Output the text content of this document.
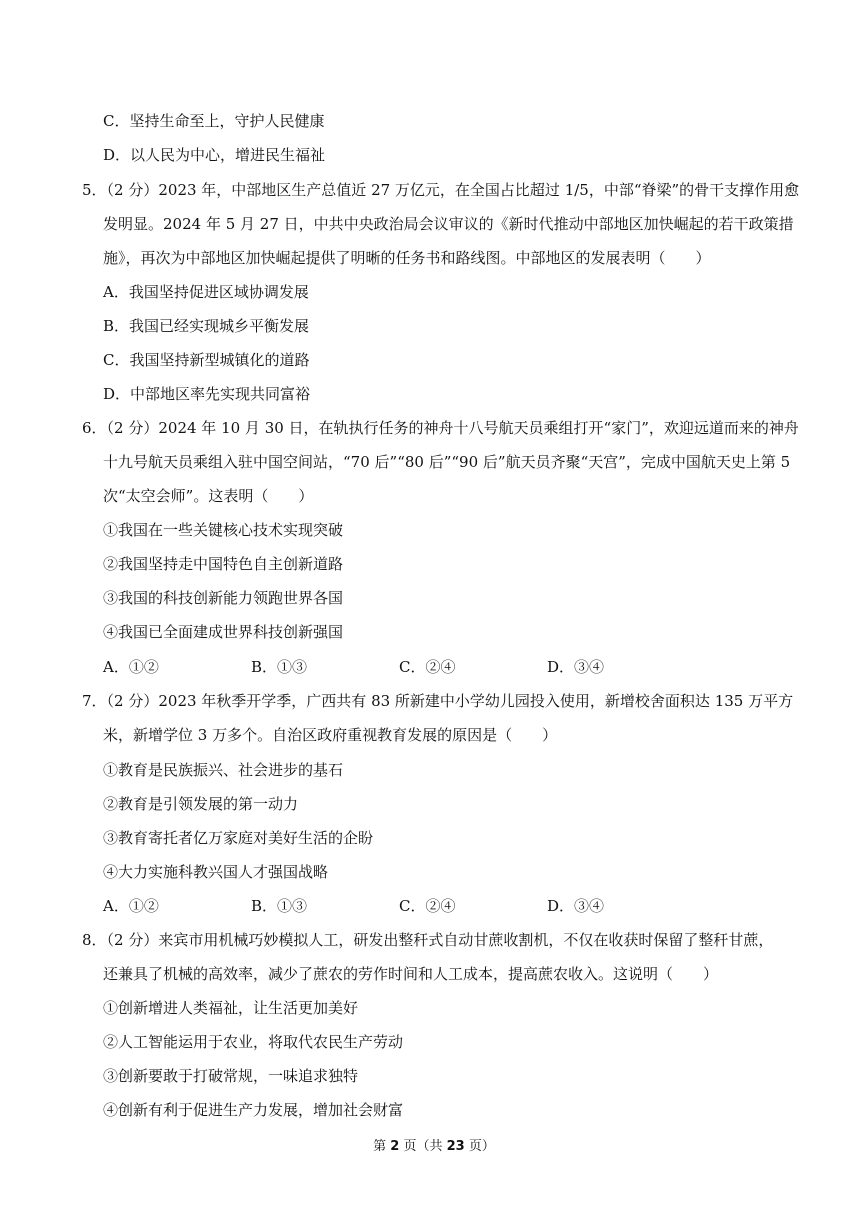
C．坚持生命至上，守护人民健康
D．以人民为中心，增进民生福祉
5．（2 分）2023 年，中部地区生产总值近 27 万亿元，在全国占比超过 1/5，中部“脊梁”的骨干支撑作用愈
发明显。2024 年 5 月 27 日，中共中央政治局会议审议的《新时代推动中部地区加快崛起的若干政策措
施》，再次为中部地区加快崛起提供了明晰的任务书和路线图。中部地区的发展表明（　　）
A．我国坚持促进区域协调发展
B．我国已经实现城乡平衡发展
C．我国坚持新型城镇化的道路
D．中部地区率先实现共同富裕
6．（2 分）2024 年 10 月 30 日，在轨执行任务的神舟十八号航天员乘组打开“家门”，欢迎远道而来的神舟
十九号航天员乘组入驻中国空间站，“70 后”“80 后”“90 后”航天员齐聚“天宫”，完成中国航天史上第 5
次“太空会师”。这表明（　　）
①我国在一些关键核心技术实现突破
②我国坚持走中国特色自主创新道路
③我国的科技创新能力领跑世界各国
④我国已全面建成世界科技创新强国
A．①②	B．①③	C．②④	D．③④
7．（2 分）2023 年秋季开学季，广西共有 83 所新建中小学幼儿园投入使用，新增校舍面积达 135 万平方
米，新增学位 3 万多个。自治区政府重视教育发展的原因是（　　）
①教育是民族振兴、社会进步的基石
②教育是引领发展的第一动力
③教育寄托者亿万家庭对美好生活的企盼
④大力实施科教兴国人才强国战略
A．①②	B．①③	C．②④	D．③④
8．（2 分）来宾市用机械巧妙模拟人工，研发出整秆式自动甘蔗收割机，不仅在收获时保留了整秆甘蔗，
还兼具了机械的高效率，减少了蔗农的劳作时间和人工成本，提高蔗农收入。这说明（　　）
①创新增进人类福祉，让生活更加美好
②人工智能运用于农业，将取代农民生产劳动
③创新要敢于打破常规，一味追求独特
④创新有利于促进生产力发展，增加社会财富
第 2 页（共 23 页）
